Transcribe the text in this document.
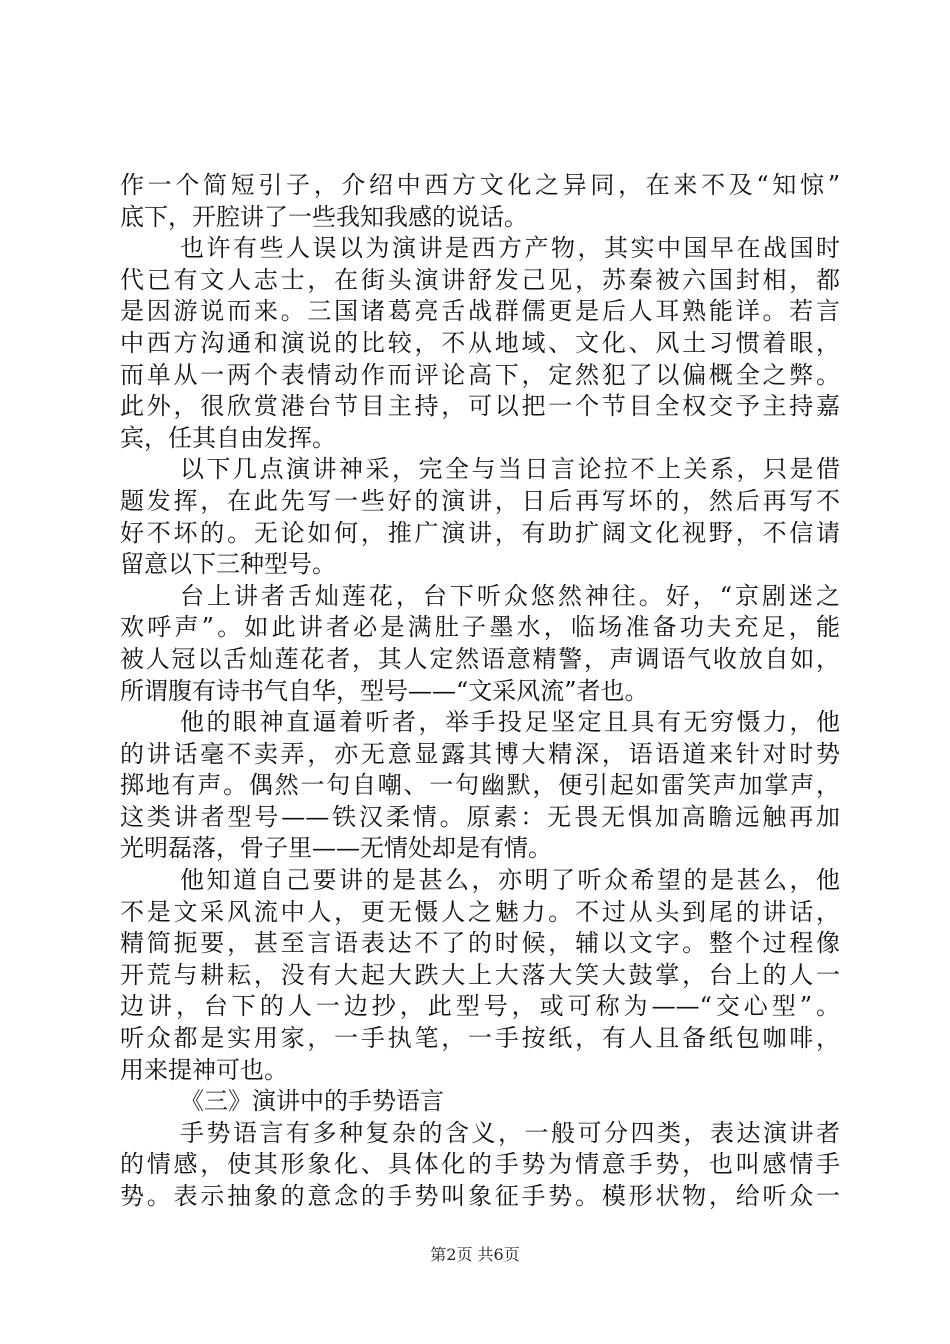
作一个简短引子，介绍中西方文化之异同，在来不及“知惊”
底下，开腔讲了一些我知我感的说话。
也许有些人误以为演讲是西方产物，其实中国早在战国时
代已有文人志士，在街头演讲舒发己见，苏秦被六国封相，都
是因游说而来。三国诸葛亮舌战群儒更是后人耳熟能详。若言
中西方沟通和演说的比较，不从地域、文化、风土习惯着眼，
而单从一两个表情动作而评论高下，定然犯了以偏概全之弊。
此外，很欣赏港台节目主持，可以把一个节目全权交予主持嘉
宾，任其自由发挥。
以下几点演讲神采，完全与当日言论拉不上关系，只是借
题发挥，在此先写一些好的演讲，日后再写坏的，然后再写不
好不坏的。无论如何，推广演讲，有助扩阔文化视野，不信请
留意以下三种型号。
台上讲者舌灿莲花，台下听众悠然神往。好，“京剧迷之
欢呼声”。如此讲者必是满肚子墨水，临场准备功夫充足，能
被人冠以舌灿莲花者，其人定然语意精警，声调语气收放自如，
所谓腹有诗书气自华，型号——“文采风流”者也。
他的眼神直逼着听者，举手投足坚定且具有无穷慑力，他
的讲话毫不卖弄，亦无意显露其博大精深，语语道来针对时势
掷地有声。偶然一句自嘲、一句幽默，便引起如雷笑声加掌声，
这类讲者型号——铁汉柔情。原素：无畏无惧加高瞻远触再加
光明磊落，骨子里——无情处却是有情。
他知道自己要讲的是甚么，亦明了听众希望的是甚么，他
不是文采风流中人，更无慑人之魅力。不过从头到尾的讲话，
精简扼要，甚至言语表达不了的时候，辅以文字。整个过程像
开荒与耕耘，没有大起大跌大上大落大笑大鼓掌，台上的人一
边讲，台下的人一边抄，此型号，或可称为——“交心型”。
听众都是实用家，一手执笔，一手按纸，有人且备纸包咖啡，
用来提神可也。
《三》演讲中的手势语言
手势语言有多种复杂的含义，一般可分四类，表达演讲者
的情感，使其形象化、具体化的手势为情意手势，也叫感情手
势。表示抽象的意念的手势叫象征手势。模形状物，给听众一
第2页 共6页
